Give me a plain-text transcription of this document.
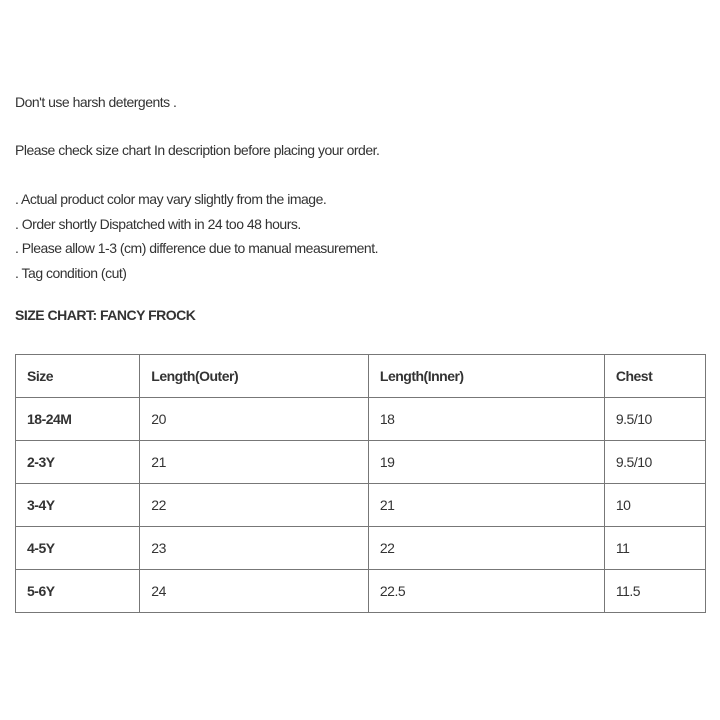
Don't use harsh detergents .

Please check size chart In description before placing your order.

. Actual product color may vary slightly from the image.

. Order shortly Dispatched with in 24 too 48 hours.

. Please allow 1-3 (cm) difference due to manual measurement.

. Tag condition (cut)

SIZE CHART: FANCY FROCK

Size	Length(Outer)	Length(Inner)	Chest
18-24M	20	18	9.5/10
2-3Y	21	19	9.5/10
3-4Y	22	21	10
4-5Y	23	22	11
5-6Y	24	22.5	11.5
